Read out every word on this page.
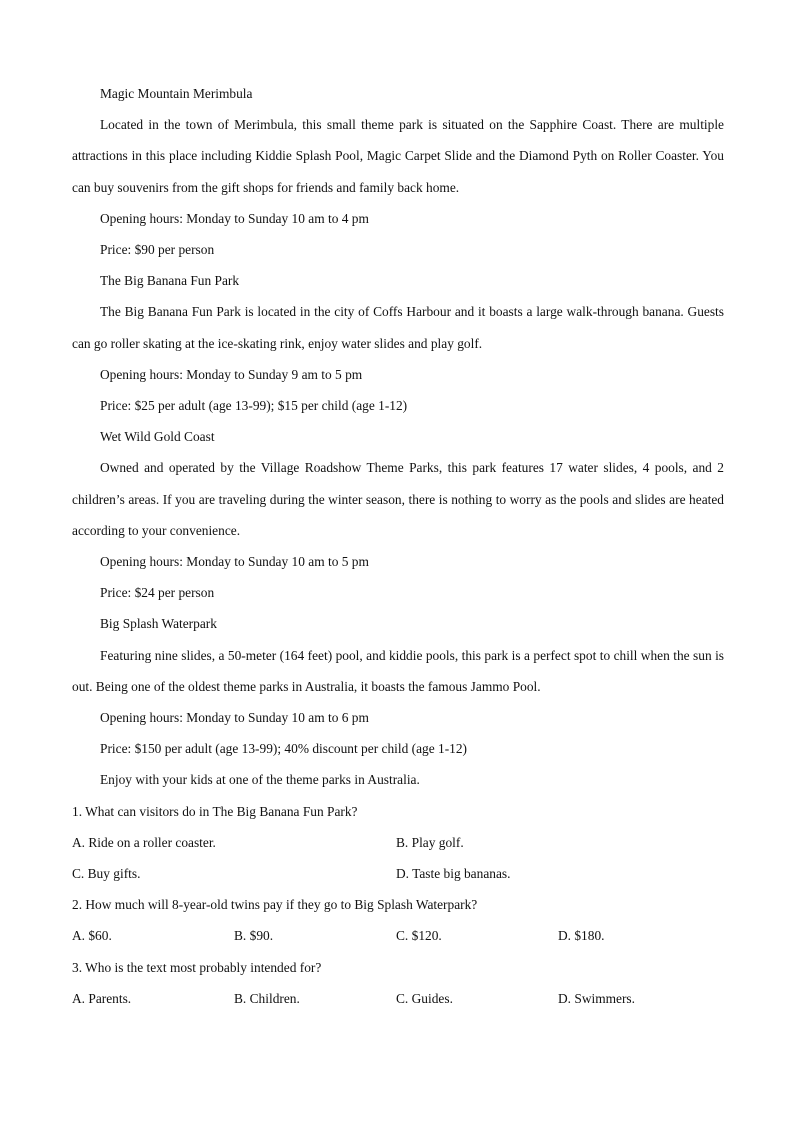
Magic Mountain Merimbula

Located in the town of Merimbula, this small theme park is situated on the Sapphire Coast. There are multiple attractions in this place including Kiddie Splash Pool, Magic Carpet Slide and the Diamond Pyth on Roller Coaster. You can buy souvenirs from the gift shops for friends and family back home.

Opening hours: Monday to Sunday 10 am to 4 pm

Price: $90 per person

The Big Banana Fun Park

The Big Banana Fun Park is located in the city of Coffs Harbour and it boasts a large walk-through banana. Guests can go roller skating at the ice-skating rink, enjoy water slides and play golf.

Opening hours: Monday to Sunday 9 am to 5 pm

Price: $25 per adult (age 13-99); $15 per child (age 1-12)

Wet Wild Gold Coast

Owned and operated by the Village Roadshow Theme Parks, this park features 17 water slides, 4 pools, and 2 children’s areas. If you are traveling during the winter season, there is nothing to worry as the pools and slides are heated according to your convenience.

Opening hours: Monday to Sunday 10 am to 5 pm

Price: $24 per person

Big Splash Waterpark

Featuring nine slides, a 50-meter (164 feet) pool, and kiddie pools, this park is a perfect spot to chill when the sun is out. Being one of the oldest theme parks in Australia, it boasts the famous Jammo Pool.

Opening hours: Monday to Sunday 10 am to 6 pm

Price: $150 per adult (age 13-99); 40% discount per child (age 1-12)

Enjoy with your kids at one of the theme parks in Australia.

1. What can visitors do in The Big Banana Fun Park?

A. Ride on a roller coaster.	B. Play golf.
C. Buy gifts.	D. Taste big bananas.

2. How much will 8-year-old twins pay if they go to Big Splash Waterpark?

A. $60.	B. $90.	C. $120.	D. $180.

3. Who is the text most probably intended for?

A. Parents.	B. Children.	C. Guides.	D. Swimmers.
